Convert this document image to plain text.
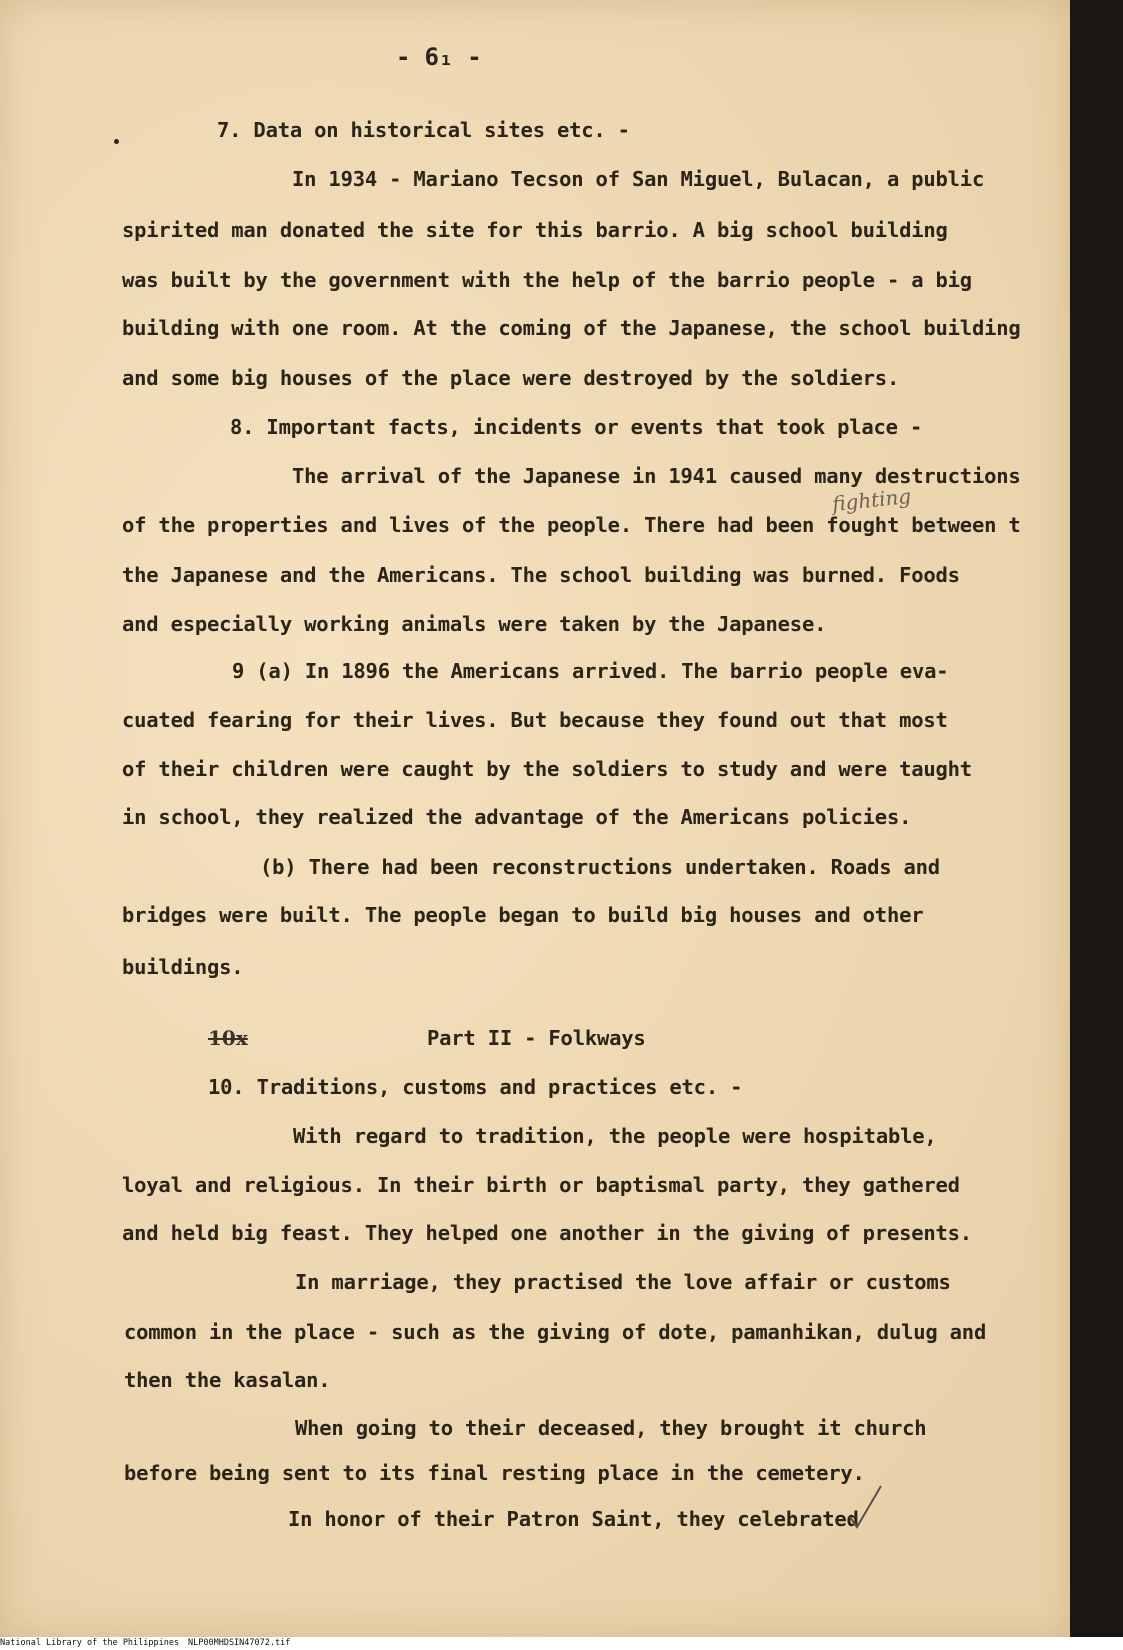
- 6₁ -
7. Data on historical sites etc. -
In 1934 - Mariano Tecson of San Miguel, Bulacan, a public
spirited man donated the site for this barrio. A big school building
was built by the government with the help of the barrio people - a big
building with one room. At the coming of the Japanese, the school building
and some big houses of the place were destroyed by the soldiers.
8. Important facts, incidents or events that took place -
The arrival of the Japanese in 1941 caused many destructions
fighting
of the properties and lives of the people. There had been fought between t
the Japanese and the Americans. The school building was burned. Foods
and especially working animals were taken by the Japanese.
9 (a) In 1896 the Americans arrived. The barrio people eva-
cuated fearing for their lives. But because they found out that most
of their children were caught by the soldiers to study and were taught
in school, they realized the advantage of the Americans policies.
(b) There had been reconstructions undertaken. Roads and
bridges were built. The people began to build big houses and other
buildings.
10x	Part II - Folkways
10. Traditions, customs and practices etc. -
With regard to tradition, the people were hospitable,
loyal and religious. In their birth or baptismal party, they gathered
and held big feast. They helped one another in the giving of presents.
In marriage, they practised the love affair or customs
common in the place - such as the giving of dote, pamanhikan, dulug and
then the kasalan.
When going to their deceased, they brought it church
before being sent to its final resting place in the cemetery.
In honor of their Patron Saint, they celebrated
National Library of the Philippines NLP00MHDSIN47072.tif
